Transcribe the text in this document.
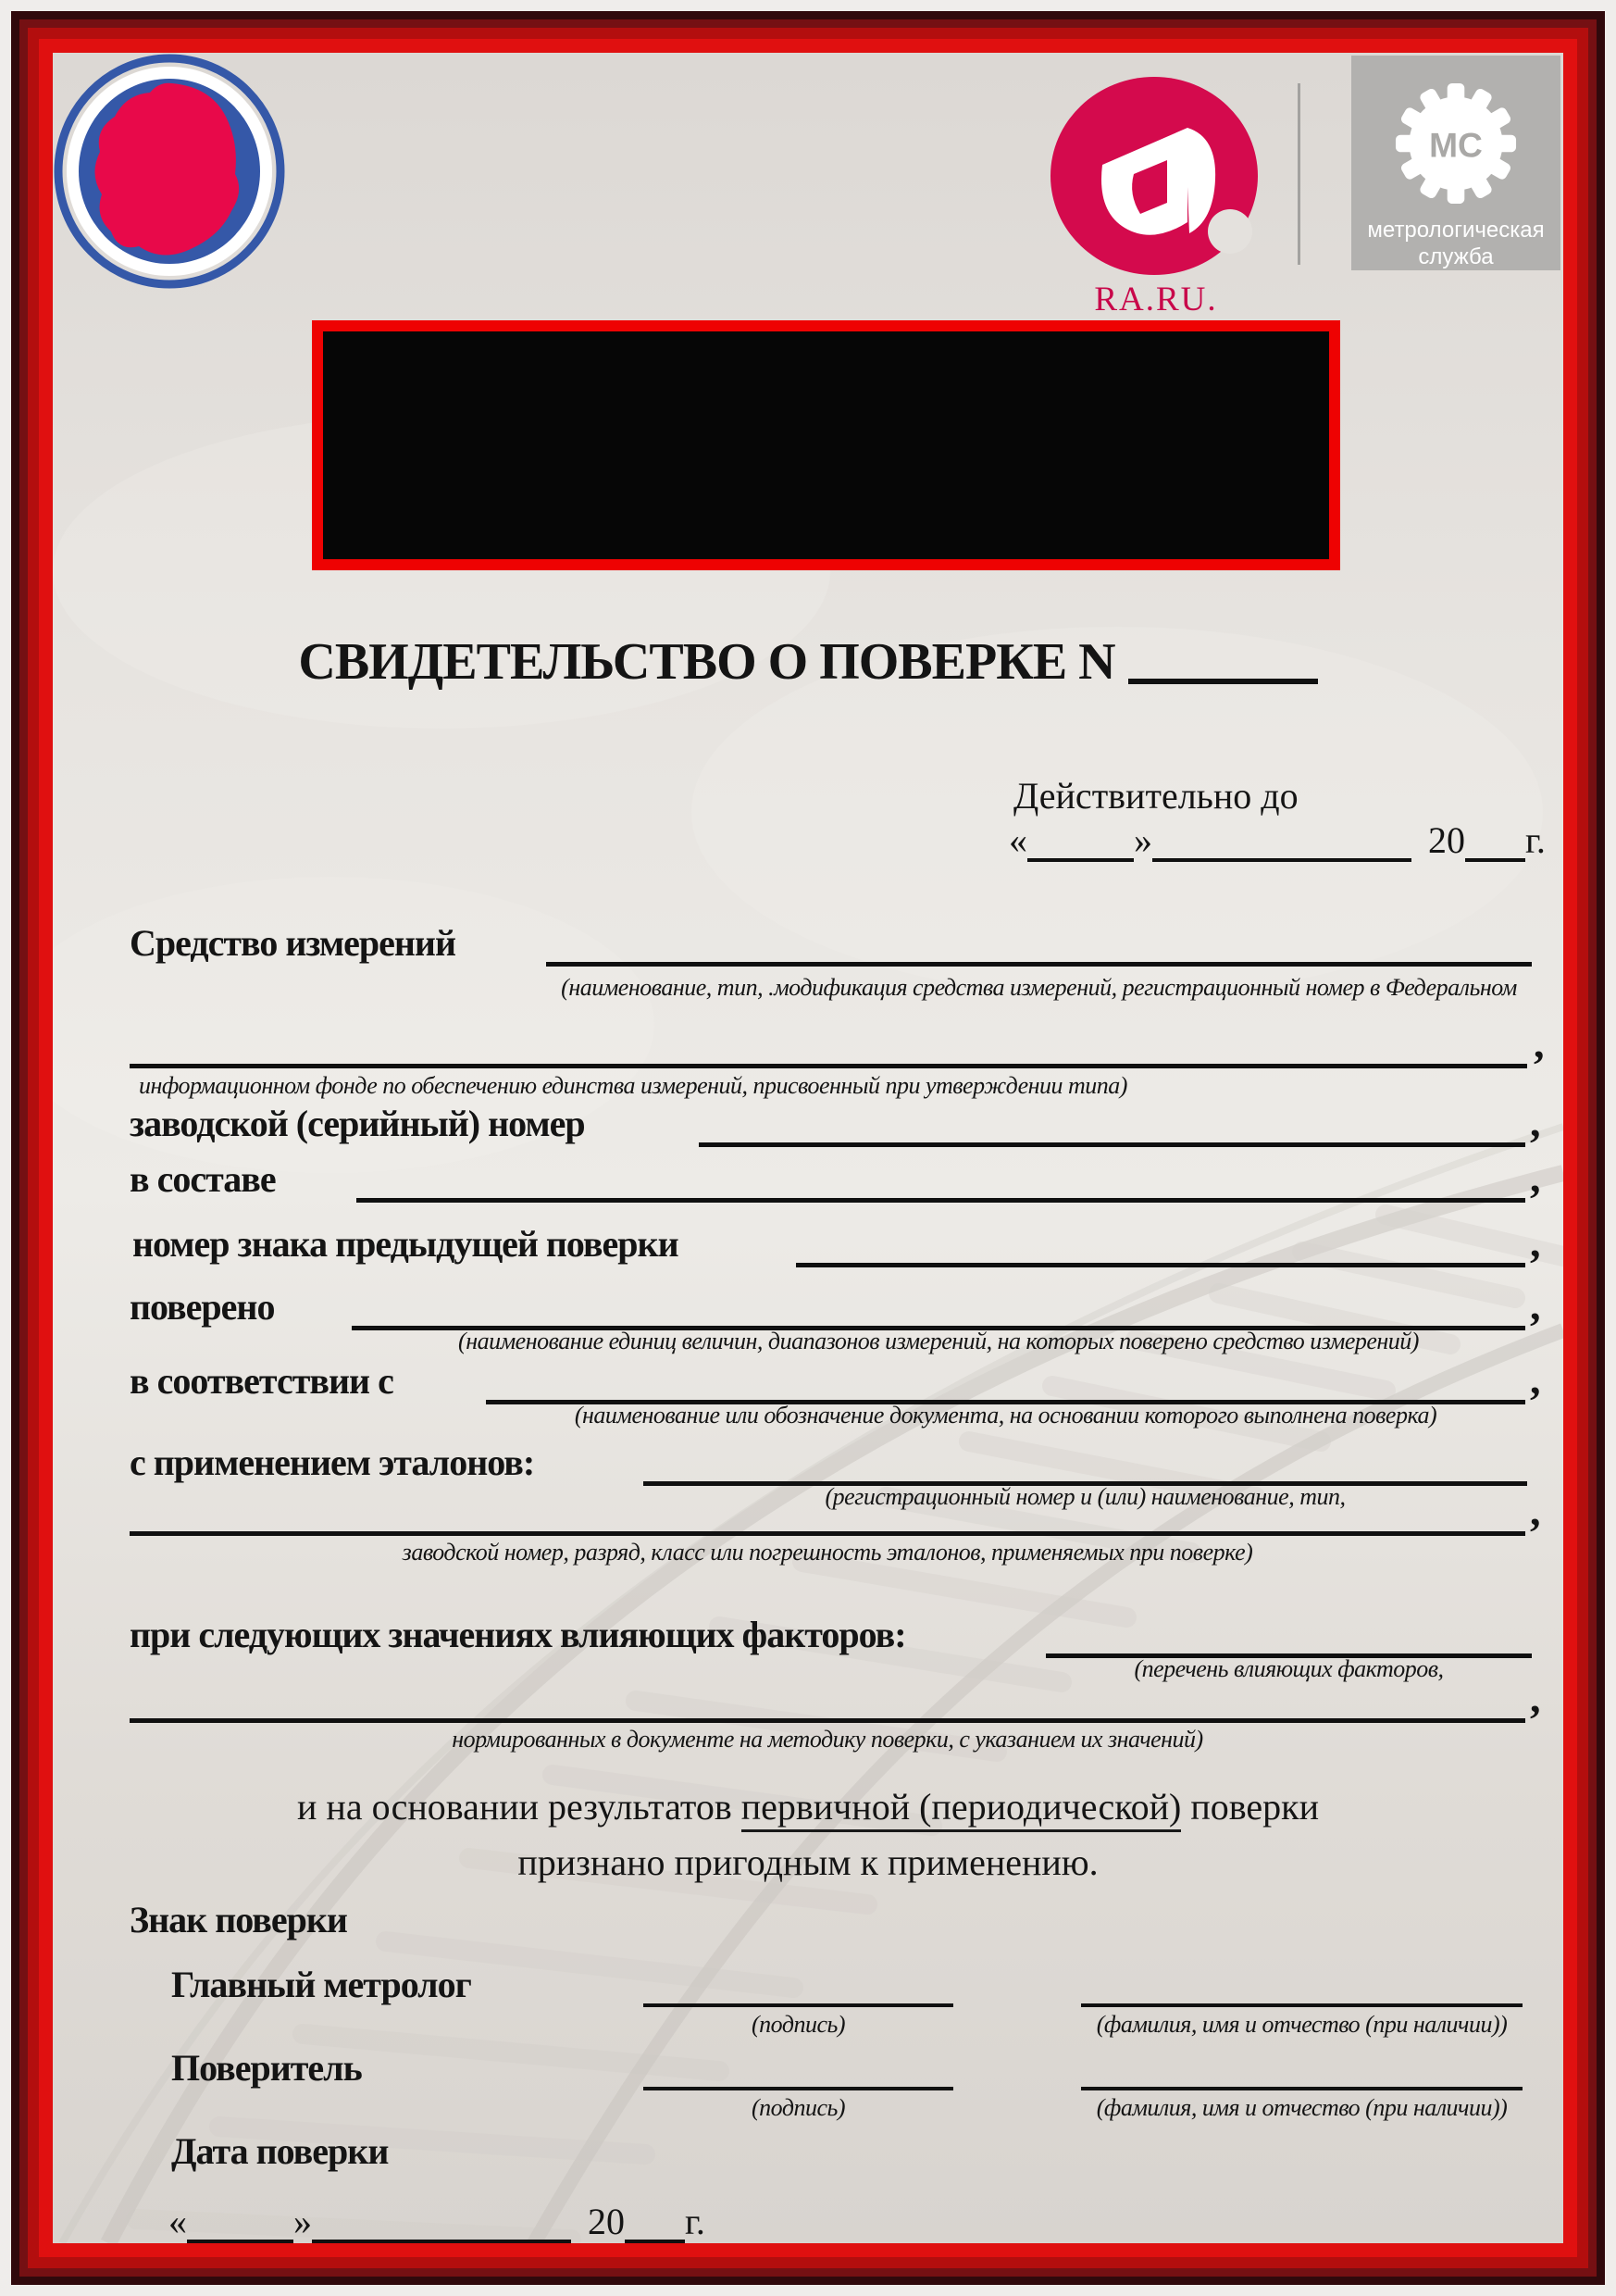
RA.RU.
МС
метрологическая
служба
СВИДЕТЕЛЬСТВО О ПОВЕРКЕ N
Действительно до
«	»	20 г.
Средство измерений
(наименование, тип, .модификация средства измерений, регистрационный номер в Федеральном
,
информационном фонде по обеспечению единства измерений, присвоенный при утверждении типа)
заводской (серийный) номер	,
в составе	,
номер знака предыдущей поверки	,
поверено	,
(наименование единиц величин, диапазонов измерений, на которых поверено средство измерений)
в соответствии с	,
(наименование или обозначение документа, на основании которого выполнена поверка)
с применением эталонов:
(регистрационный номер и (или) наименование, тип,	,
заводской номер, разряд, класс или погрешность эталонов, применяемых при поверке)
при следующих значениях влияющих факторов:
(перечень влияющих факторов,
,
нормированных в документе на методику поверки, с указанием их значений)
и на основании результатов первичной (периодической) поверки
признано пригодным к применению.
Знак поверки
Главный метролог
(подпись)	(фамилия, имя и отчество (при наличии))
Поверитель
(подпись)	(фамилия, имя и отчество (при наличии))
Дата поверки
«	»	20 г.
